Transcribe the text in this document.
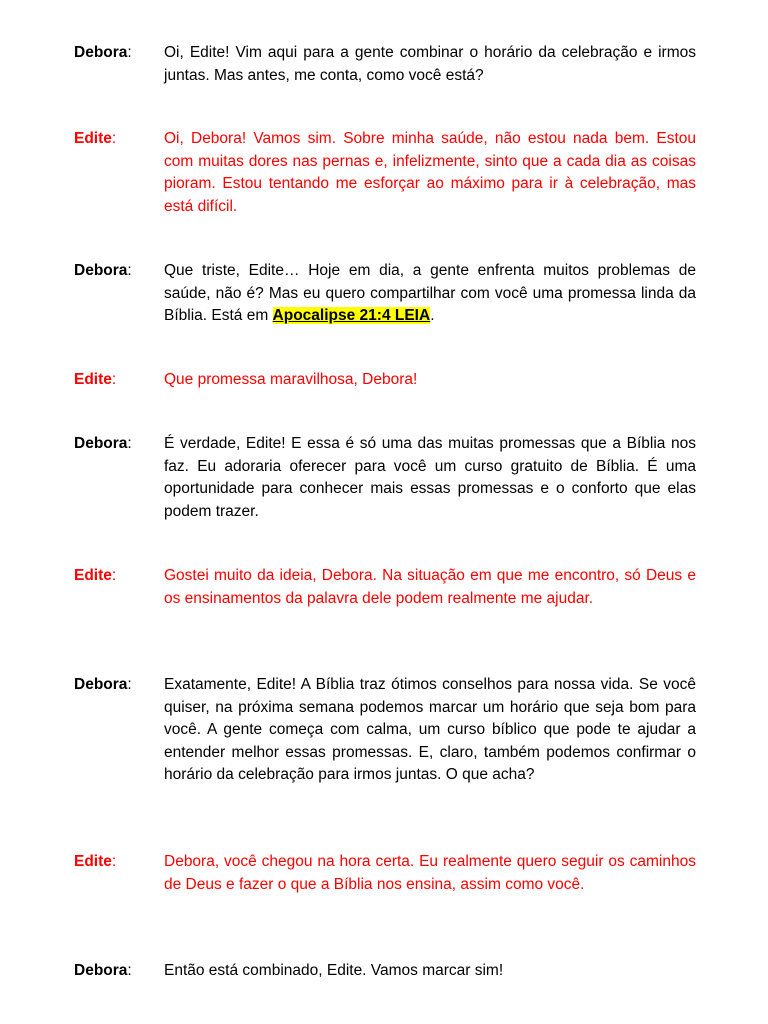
Debora:	Oi, Edite! Vim aqui para a gente combinar o horário da celebração e irmos juntas. Mas antes, me conta, como você está?
Edite:	Oi, Debora! Vamos sim. Sobre minha saúde, não estou nada bem. Estou com muitas dores nas pernas e, infelizmente, sinto que a cada dia as coisas pioram. Estou tentando me esforçar ao máximo para ir à celebração, mas está difícil.
Debora:	Que triste, Edite… Hoje em dia, a gente enfrenta muitos problemas de saúde, não é? Mas eu quero compartilhar com você uma promessa linda da Bíblia. Está em Apocalipse 21:4 LEIA.
Edite:	Que promessa maravilhosa, Debora!
Debora:	É verdade, Edite! E essa é só uma das muitas promessas que a Bíblia nos faz. Eu adoraria oferecer para você um curso gratuito de Bíblia. É uma oportunidade para conhecer mais essas promessas e o conforto que elas podem trazer.
Edite:	Gostei muito da ideia, Debora. Na situação em que me encontro, só Deus e os ensinamentos da palavra dele podem realmente me ajudar.
Debora:	Exatamente, Edite! A Bíblia traz ótimos conselhos para nossa vida. Se você quiser, na próxima semana podemos marcar um horário que seja bom para você. A gente começa com calma, um curso bíblico que pode te ajudar a entender melhor essas promessas. E, claro, também podemos confirmar o horário da celebração para irmos juntas. O que acha?
Edite:	Debora, você chegou na hora certa. Eu realmente quero seguir os caminhos de Deus e fazer o que a Bíblia nos ensina, assim como você.
Debora:	Então está combinado, Edite. Vamos marcar sim!
